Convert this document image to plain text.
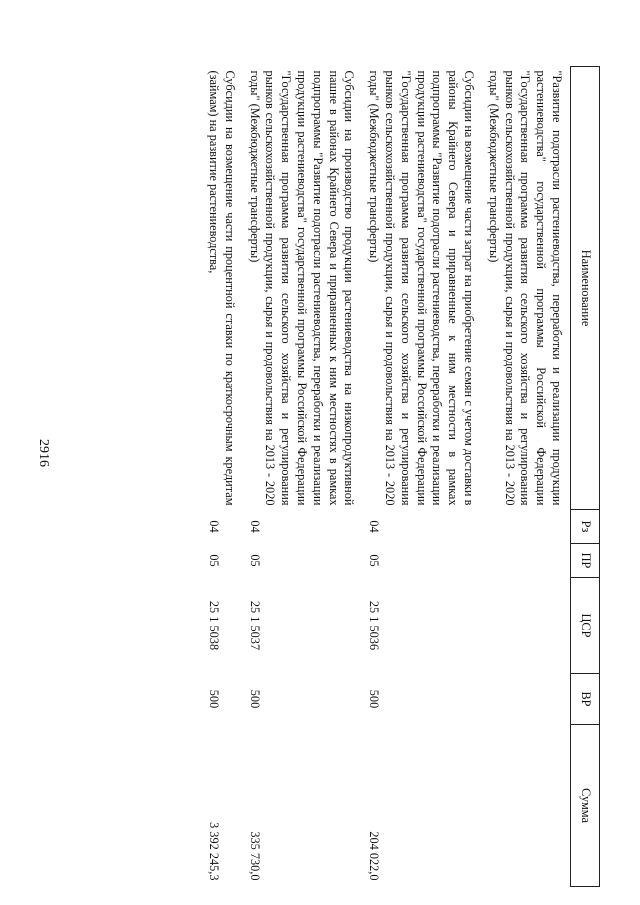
2916
Наименование	Рз	ПР	ЦСР	ВР	Сумма
"Развитие подотрасли растениеводства, переработки и реализации продукции растениеводства" государственной программы Российской Федерации "Государственная программа развития сельского хозяйства и регулирования рынков сельскохозяйственной продукции, сырья и продовольствия на 2013 - 2020 годы" (Межбюджетные трансферты)					
Субсидии на возмещение части затрат на приобретение семян с учетом доставки в районы Крайнего Севера и приравненные к ним местности в рамках подпрограммы "Развитие подотрасли растениеводства, переработки и реализации продукции растениеводства" государственной программы Российской Федерации "Государственная программа развития сельского хозяйства и регулирования рынков сельскохозяйственной продукции, сырья и продовольствия на 2013 - 2020 годы" (Межбюджетные трансферты)	04	05	25 1 5036	500	204 022,0
Субсидии на производство продукции растениеводства на низкопродуктивной пашне в районах Крайнего Севера и приравненных к ним местностях в рамках подпрограммы "Развитие подотрасли растениеводства, переработки и реализации продукции растениеводства" государственной программы Российской Федерации "Государственная программа развития сельского хозяйства и регулирования рынков сельскохозяйственной продукции, сырья и продовольствия на 2013 - 2020 годы" (Межбюджетные трансферты)	04	05	25 1 5037	500	335 730,0
Субсидии на возмещение части процентной ставки по краткосрочным кредитам (займам) на развитие растениеводства,	04	05	25 1 5038	500	3 392 245,3
